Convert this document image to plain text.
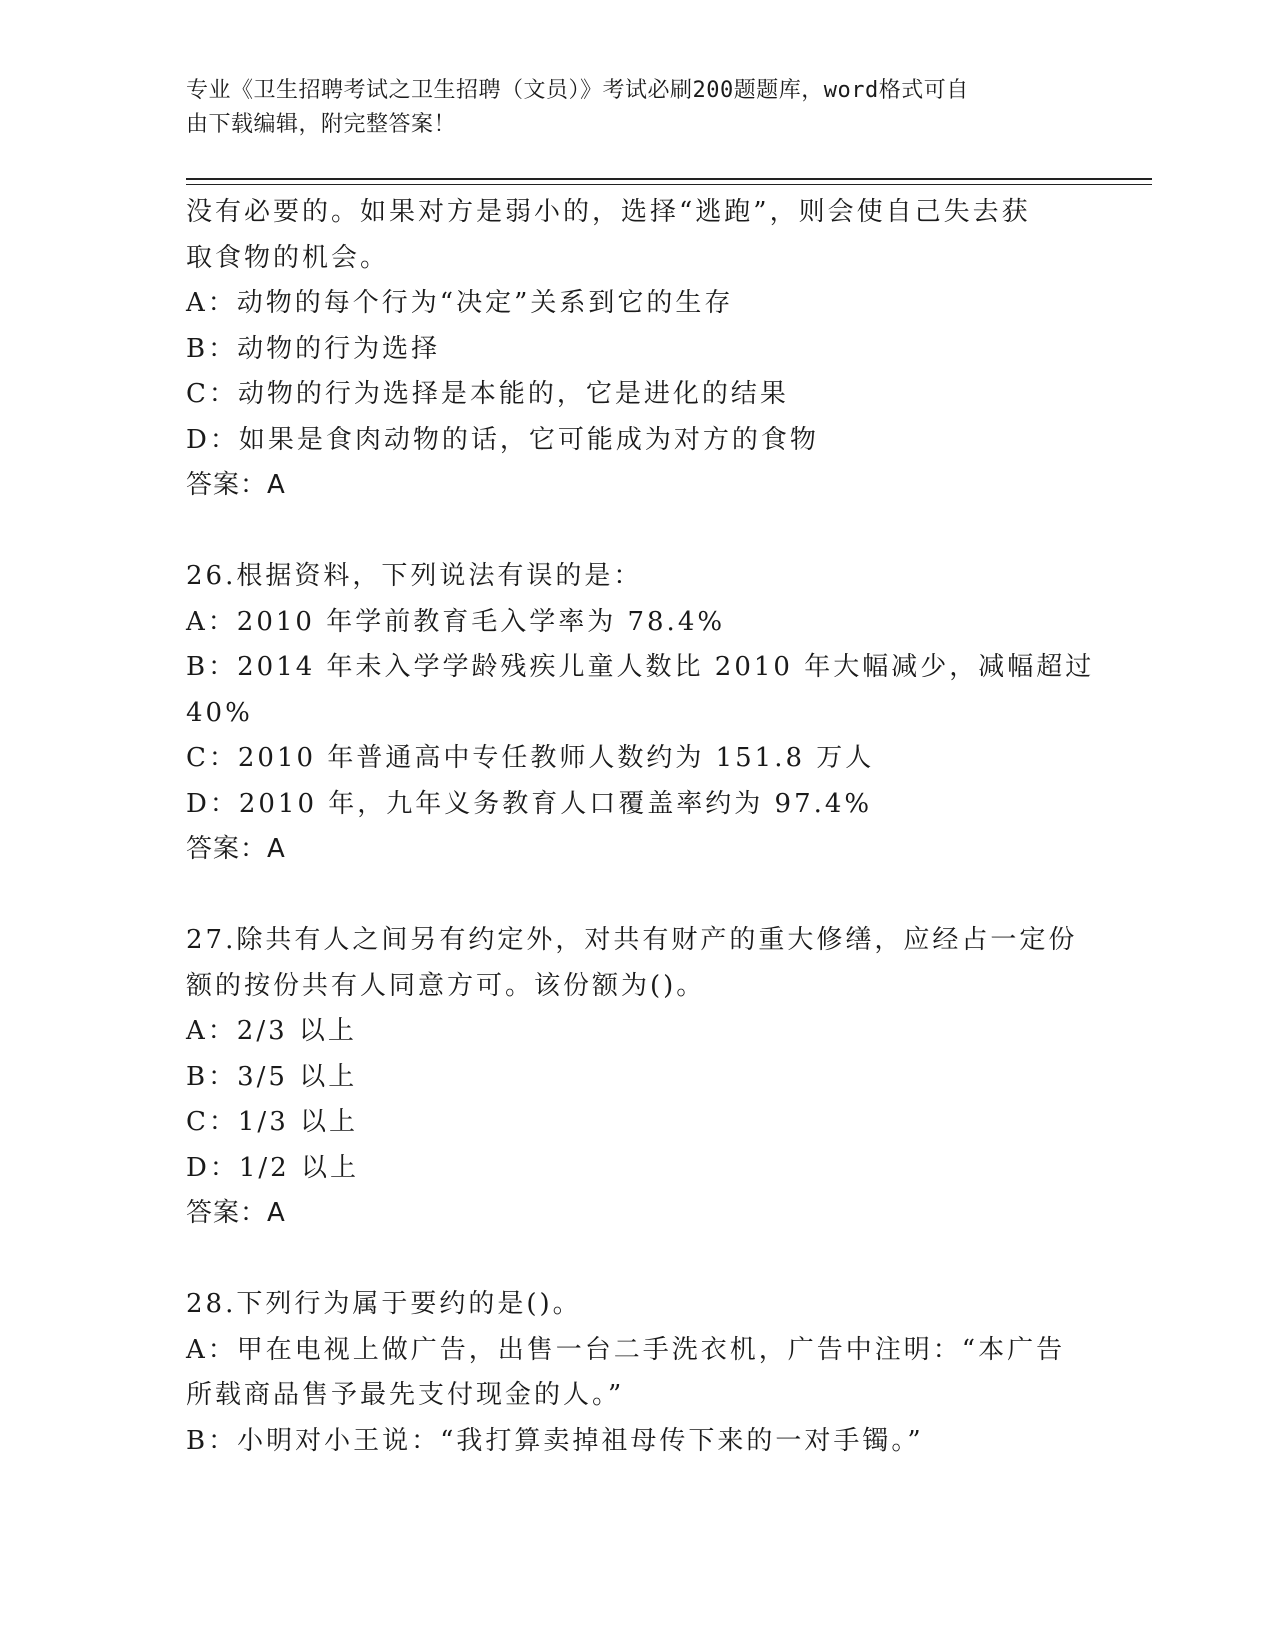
专业《卫生招聘考试之卫生招聘（文员）》考试必刷200题题库，word格式可自
由下载编辑，附完整答案！
没有必要的。如果对方是弱小的，选择“逃跑”，则会使自己失去获
取食物的机会。
A：动物的每个行为“决定”关系到它的生存
B：动物的行为选择
C：动物的行为选择是本能的，它是进化的结果
D：如果是食肉动物的话，它可能成为对方的食物
答案：A
26.根据资料，下列说法有误的是：
A：2010 年学前教育毛入学率为 78.4%
B：2014 年未入学学龄残疾儿童人数比 2010 年大幅减少，减幅超过
40%
C：2010 年普通高中专任教师人数约为 151.8 万人
D：2010 年，九年义务教育人口覆盖率约为 97.4%
答案：A
27.除共有人之间另有约定外，对共有财产的重大修缮，应经占一定份
额的按份共有人同意方可。该份额为()。
A：2/3 以上
B：3/5 以上
C：1/3 以上
D：1/2 以上
答案：A
28.下列行为属于要约的是()。
A：甲在电视上做广告，出售一台二手洗衣机，广告中注明：“本广告
所载商品售予最先支付现金的人。”
B：小明对小王说：“我打算卖掉祖母传下来的一对手镯。”
